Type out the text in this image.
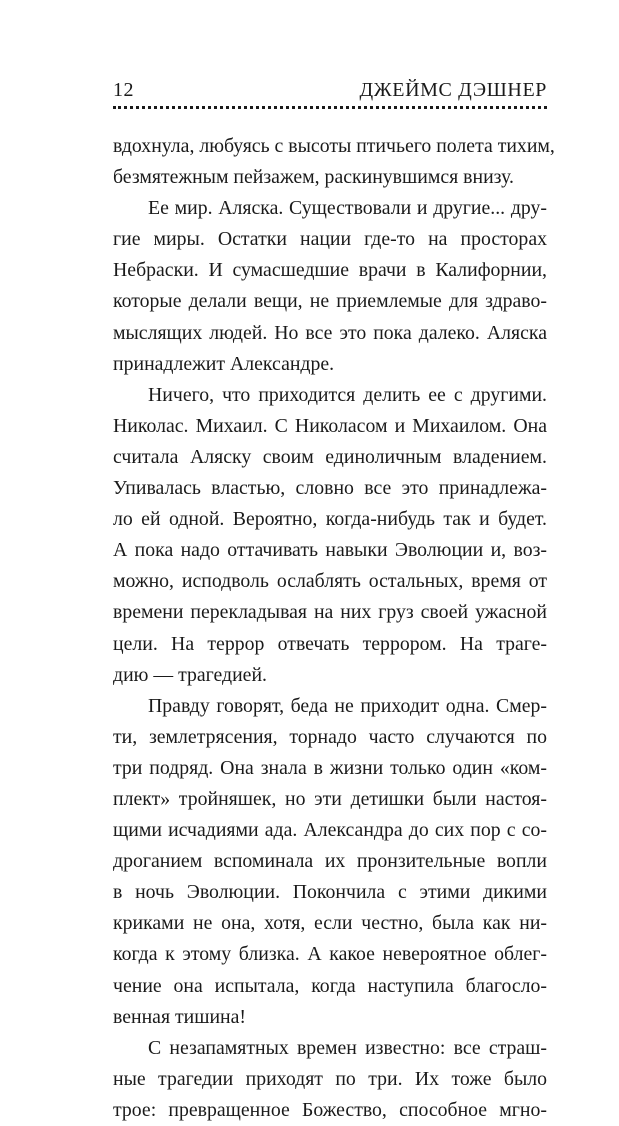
12	ДЖЕЙМС ДЭШНЕР
вдохнула, любуясь с высоты птичьего полета тихим,
безмятежным пейзажем, раскинувшимся внизу.
Ее мир. Аляска. Существовали и другие... дру-
гие миры. Остатки нации где-то на просторах
Небраски. И сумасшедшие врачи в Калифорнии,
которые делали вещи, не приемлемые для здраво-
мыслящих людей. Но все это пока далеко. Аляска
принадлежит Александре.
Ничего, что приходится делить ее с другими.
Николас. Михаил. С Николасом и Михаилом. Она
считала Аляску своим единоличным владением.
Упивалась властью, словно все это принадлежа-
ло ей одной. Вероятно, когда-нибудь так и будет.
А пока надо оттачивать навыки Эволюции и, воз-
можно, исподволь ослаблять остальных, время от
времени перекладывая на них груз своей ужасной
цели. На террор отвечать террором. На траге-
дию — трагедией.
Правду говорят, беда не приходит одна. Смер-
ти, землетрясения, торнадо часто случаются по
три подряд. Она знала в жизни только один «ком-
плект» тройняшек, но эти детишки были настоя-
щими исчадиями ада. Александра до сих пор с со-
дроганием вспоминала их пронзительные вопли
в ночь Эволюции. Покончила с этими дикими
криками не она, хотя, если честно, была как ни-
когда к этому близка. А какое невероятное облег-
чение она испытала, когда наступила благосло-
венная тишина!
С незапамятных времен известно: все страш-
ные трагедии приходят по три. Их тоже было
трое: превращенное Божество, способное мгно-
